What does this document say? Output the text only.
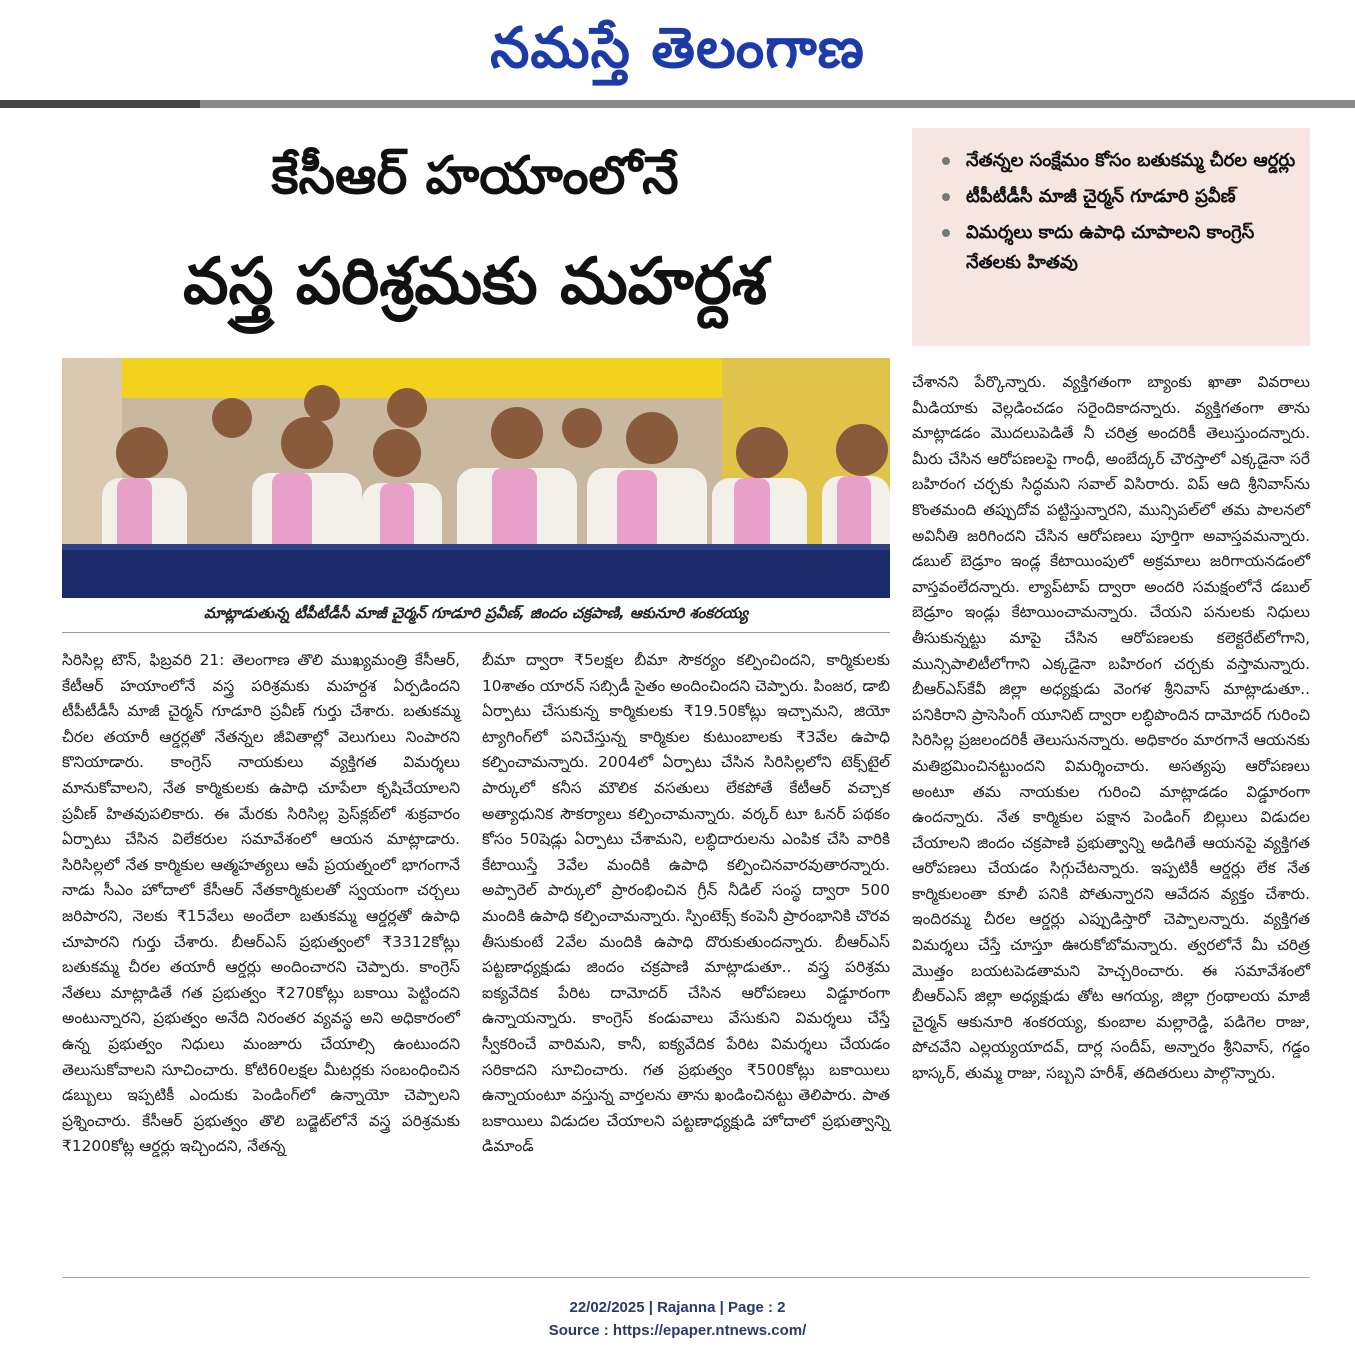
నమస్తే తెలంగాణ
కేసీఆర్ హయాంలోనే
వస్త్ర పరిశ్రమకు మహర్దశ
నేతన్నల సంక్షేమం కోసం బతుకమ్మ చీరల ఆర్డర్లు
టీపీటీడీసీ మాజీ చైర్మన్ గూడూరి ప్రవీణ్
విమర్శలు కాదు ఉపాధి చూపాలని కాంగ్రెస్ నేతలకు హితవు
మాట్లాడుతున్న టీపీటీడీసీ మాజీ చైర్మన్ గూడూరి ప్రవీణ్, జిందం చక్రపాణి, ఆకునూరి శంకరయ్య

సిరిసిల్ల టౌన్, ఫిబ్రవరి 21: తెలంగాణ తొలి ముఖ్యమంత్రి కేసీఆర్, కేటీఆర్ హయాంలోనే వస్త్ర పరిశ్రమకు మహర్దశ ఏర్పడిందని టీపీటీడీసీ మాజీ చైర్మన్ గూడూరి ప్రవీణ్ గుర్తు చేశారు. బతుకమ్మ చీరల తయారీ ఆర్డర్లతో నేతన్నల జీవితాల్లో వెలుగులు నింపారని కొనియాడారు. కాంగ్రెస్ నాయకులు వ్యక్తిగత విమర్శలు మానుకోవాలని, నేత కార్మికులకు ఉపాధి చూపేలా కృషిచేయాలని ప్రవీణ్ హితవుపలికారు. ఈ మేరకు సిరిసిల్ల ప్రెస్‌క్లబ్‌లో శుక్రవారం ఏర్పాటు చేసిన విలేకరుల సమావేశంలో ఆయన మాట్లాడారు. సిరిసిల్లలో నేత కార్మికుల ఆత్మహత్యలు ఆపే ప్రయత్నంలో భాగంగానే నాడు సీఎం హోదాలో కేసీఆర్ నేతకార్మికులతో స్వయంగా చర్చలు జరిపారని, నెలకు ₹15వేలు అందేలా బతుకమ్మ ఆర్డర్లతో ఉపాధి చూపారని గుర్తు చేశారు. బీఆర్ఎస్ ప్రభుత్వంలో ₹3312కోట్లు బతుకమ్మ చీరల తయారీ ఆర్డర్లు అందించారని చెప్పారు. కాంగ్రెస్ నేతలు మాట్లాడితే గత ప్రభుత్వం ₹270కోట్లు బకాయి పెట్టిందని అంటున్నారని, ప్రభుత్వం అనేది నిరంతర వ్యవస్థ అని అధికారంలో ఉన్న ప్రభుత్వం నిధులు మంజూరు చేయాల్సి ఉంటుందని తెలుసుకోవాలని సూచించారు. కోటి60లక్షల మీటర్లకు సంబంధించిన డబ్బులు ఇప్పటికీ ఎందుకు పెండింగ్‌లో ఉన్నాయో చెప్పాలని ప్రశ్నించారు. కేసీఆర్ ప్రభుత్వం తొలి బడ్జెట్‌లోనే వస్త్ర పరిశ్రమకు ₹1200కోట్ల ఆర్డర్లు ఇచ్చిందని, నేతన్న

బీమా ద్వారా ₹5లక్షల బీమా సౌకర్యం కల్పించిందని, కార్మికులకు 10శాతం యారన్ సబ్సిడీ సైతం అందించిందని చెప్పారు. పింజర, డాబి ఏర్పాటు చేసుకున్న కార్మికులకు ₹19.50కోట్లు ఇచ్చామని, జియో ట్యాగింగ్‌లో పనిచేస్తున్న కార్మికుల కుటుంబాలకు ₹3వేల ఉపాధి కల్పించామన్నారు. 2004లో ఏర్పాటు చేసిన సిరిసిల్లలోని టెక్స్‌టైల్ పార్కులో కనీస మౌలిక వసతులు లేకపోతే కేటీఆర్ వచ్చాక అత్యాధునిక సౌకర్యాలు కల్పించామన్నారు. వర్కర్ టూ ఓనర్ పథకం కోసం 50షెడ్లు ఏర్పాటు చేశామని, లబ్ధిదారులను ఎంపిక చేసి వారికి కేటాయిస్తే 3వేల మందికి ఉపాధి కల్పించినవారవుతారన్నారు. అప్పారెల్ పార్కులో ప్రారంభించిన గ్రీన్ నీడిల్ సంస్థ ద్వారా 500 మందికి ఉపాధి కల్పించామన్నారు. స్పింటెక్స్ కంపెనీ ప్రారంభానికి చొరవ తీసుకుంటే 2వేల మందికి ఉపాధి దొరుకుతుందన్నారు. బీఆర్ఎస్ పట్టణాధ్యక్షుడు జిందం చక్రపాణి మాట్లాడుతూ.. వస్త్ర పరిశ్రమ ఐక్యవేదిక పేరిట దామోదర్ చేసిన ఆరోపణలు విడ్డూరంగా ఉన్నాయన్నారు. కాంగ్రెస్ కండువాలు వేసుకుని విమర్శలు చేస్తే స్వీకరించే వారిమని, కానీ, ఐక్యవేదిక పేరిట విమర్శలు చేయడం సరికాదని సూచించారు. గత ప్రభుత్వం ₹500కోట్లు బకాయిలు ఉన్నాయంటూ వస్తున్న వార్తలను తాను ఖండించినట్టు తెలిపారు. పాత బకాయిలు విడుదల చేయాలని పట్టణాధ్యక్షుడి హోదాలో ప్రభుత్వాన్ని డిమాండ్

చేశానని పేర్కొన్నారు. వ్యక్తిగతంగా బ్యాంకు ఖాతా వివరాలు మీడియాకు వెల్లడించడం సరైందికాదన్నారు. వ్యక్తిగతంగా తాను మాట్లాడడం మొదలుపెడితే నీ చరిత్ర అందరికీ తెలుస్తుందన్నారు. మీరు చేసిన ఆరోపణలపై గాంధీ, అంబేద్కర్ చౌరస్తాలో ఎక్కడైనా సరే బహిరంగ చర్చకు సిద్ధమని సవాల్ విసిరారు. విప్ ఆది శ్రీనివాస్‌ను కొంతమంది తప్పుదోవ పట్టిస్తున్నారని, మున్సిపల్‌లో తమ పాలనలో అవినీతి జరిగిందని చేసిన ఆరోపణలు పూర్తిగా అవాస్తవమన్నారు. డబుల్ బెడ్రూం ఇండ్ల కేటాయింపులో అక్రమాలు జరిగాయనడంలో వాస్తవంలేదన్నారు. ల్యాప్‌టాప్ ద్వారా అందరి సమక్షంలోనే డబుల్ బెడ్రూం ఇండ్లు కేటాయించామన్నారు. చేయని పనులకు నిధులు తీసుకున్నట్టు మాపై చేసిన ఆరోపణలకు కలెక్టరేట్‌లోగాని, మున్సిపాలిటీలోగాని ఎక్కడైనా బహిరంగ చర్చకు వస్తామన్నారు. బీఆర్ఎస్‌కేవీ జిల్లా అధ్యక్షుడు వెంగళ శ్రీనివాస్ మాట్లాడుతూ.. పనికిరాని ప్రాసెసింగ్ యూనిట్ ద్వారా లబ్ధిపొందిన దామోదర్ గురించి సిరిసిల్ల ప్రజలందరికీ తెలుసునన్నారు. అధికారం మారగానే ఆయనకు మతిభ్రమించినట్టుందని విమర్శించారు. అసత్యపు ఆరోపణలు అంటూ తమ నాయకుల గురించి మాట్లాడడం విడ్డూరంగా ఉందన్నారు. నేత కార్మికుల పక్షాన పెండింగ్ బిల్లులు విడుదల చేయాలని జిందం చక్రపాణి ప్రభుత్వాన్ని అడిగితే ఆయనపై వ్యక్తిగత ఆరోపణలు చేయడం సిగ్గుచేటన్నారు. ఇప్పటికీ ఆర్డర్లు లేక నేత కార్మికులంతా కూలీ పనికి పోతున్నారని ఆవేదన వ్యక్తం చేశారు. ఇందిరమ్మ చీరల ఆర్డర్లు ఎప్పుడిస్తారో చెప్పాలన్నారు. వ్యక్తిగత విమర్శలు చేస్తే చూస్తూ ఊరుకోబోమన్నారు. త్వరలోనే మీ చరిత్ర మొత్తం బయటపెడతామని హెచ్చరించారు. ఈ సమావేశంలో బీఆర్ఎస్ జిల్లా అధ్యక్షుడు తోట ఆగయ్య, జిల్లా గ్రంథాలయ మాజీ చైర్మన్ ఆకునూరి శంకరయ్య, కుంబాల మల్లారెడ్డి, పడిగెల రాజు, పోచవేని ఎల్లయ్యయాదవ్, దార్ల సందీప్, అన్నారం శ్రీనివాస్, గడ్డం భాస్కర్, తుమ్మ రాజు, సబ్బని హరీశ్, తదితరులు పాల్గొన్నారు.

22/02/2025 | Rajanna | Page : 2
Source : https://epaper.ntnews.com/
